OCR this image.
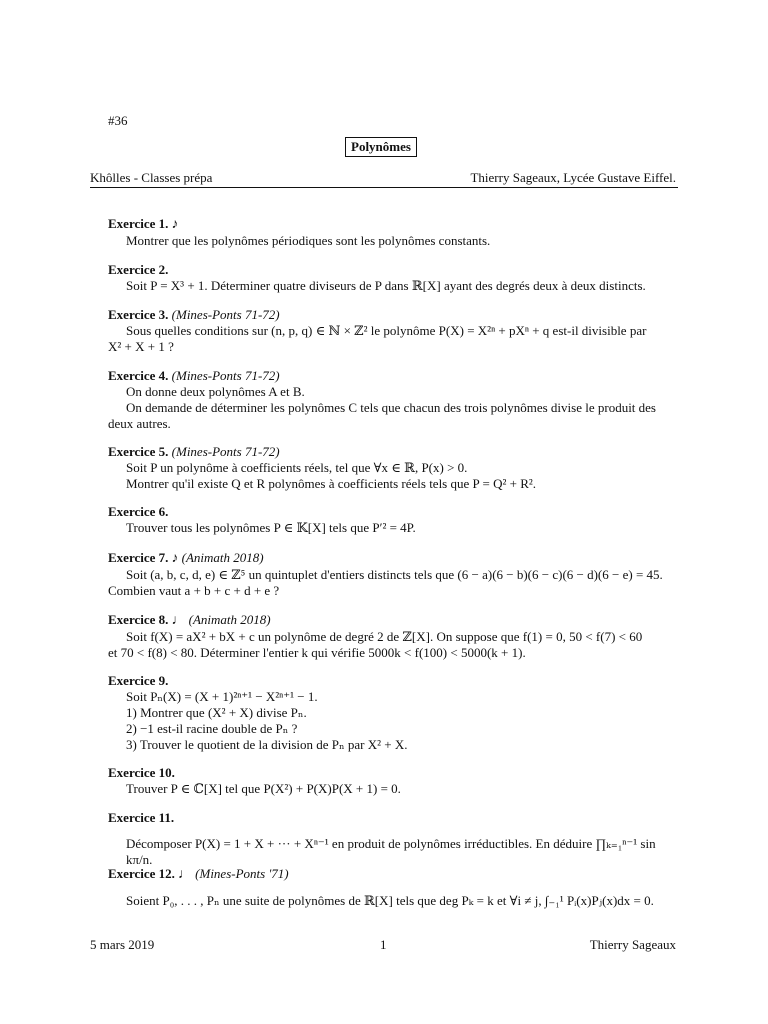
#36
Polynômes
Khôlles - Classes prépa	Thierry Sageaux, Lycée Gustave Eiffel.
Exercice 1. ♪
Montrer que les polynômes périodiques sont les polynômes constants.
Exercice 2.
Soit P = X³ + 1. Déterminer quatre diviseurs de P dans ℝ[X] ayant des degrés deux à deux distincts.
Exercice 3. (Mines-Ponts 71-72)
Sous quelles conditions sur (n, p, q) ∈ ℕ × ℤ² le polynôme P(X) = X²ⁿ + pXⁿ + q est-il divisible par
X² + X + 1 ?
Exercice 4. (Mines-Ponts 71-72)
On donne deux polynômes A et B.
On demande de déterminer les polynômes C tels que chacun des trois polynômes divise le produit des
deux autres.
Exercice 5. (Mines-Ponts 71-72)
Soit P un polynôme à coefficients réels, tel que ∀x ∈ ℝ, P(x) > 0.
Montrer qu'il existe Q et R polynômes à coefficients réels tels que P = Q² + R².
Exercice 6.
Trouver tous les polynômes P ∈ 𝕂[X] tels que P′² = 4P.
Exercice 7. ♪ (Animath 2018)
Soit (a, b, c, d, e) ∈ ℤ⁵ un quintuplet d'entiers distincts tels que (6 − a)(6 − b)(6 − c)(6 − d)(6 − e) = 45.
Combien vaut a + b + c + d + e ?
Exercice 8. ♩ (Animath 2018)
Soit f(X) = aX² + bX + c un polynôme de degré 2 de ℤ[X]. On suppose que f(1) = 0, 50 < f(7) < 60
et 70 < f(8) < 80. Déterminer l'entier k qui vérifie 5000k < f(100) < 5000(k + 1).
Exercice 9.
Soit Pₙ(X) = (X + 1)²ⁿ⁺¹ − X²ⁿ⁺¹ − 1.
1) Montrer que (X² + X) divise Pₙ.
2) −1 est-il racine double de Pₙ ?
3) Trouver le quotient de la division de Pₙ par X² + X.
Exercice 10.
Trouver P ∈ ℂ[X] tel que P(X²) + P(X)P(X + 1) = 0.
Exercice 11.
Décomposer P(X) = 1 + X + ··· + Xⁿ⁻¹ en produit de polynômes irréductibles. En déduire ∏ₖ₌₁ⁿ⁻¹ sin kπ/n.
Exercice 12. ♩ (Mines-Ponts '71)
Soient P₀, . . . , Pₙ une suite de polynômes de ℝ[X] tels que deg Pₖ = k et ∀i ≠ j, ∫₋₁¹ Pᵢ(x)Pⱼ(x)dx = 0.
5 mars 2019	1	Thierry Sageaux
